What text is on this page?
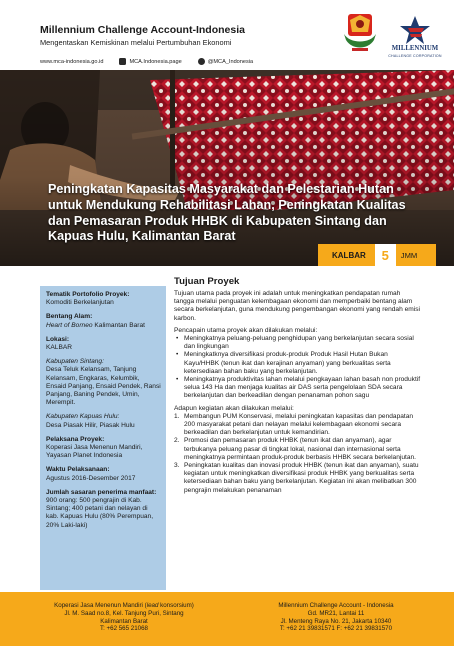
Millennium Challenge Account-Indonesia
Mengentaskan Kemiskinan melalui Pertumbuhan Ekonomi
www.mca-indonesia.go.id	MCA.Indonesia.page	@MCA_Indonesia
MILLENNIUM
CHALLENGE CORPORATION
Peningkatan Kapasitas Masyarakat dan Pelestarian Hutan untuk Mendukung Rehabilitasi Lahan, Peningkatan Kualitas dan Pemasaran Produk HHBK di Kabupaten Sintang dan Kapuas Hulu, Kalimantan Barat
KALBAR	5	JMM
Tematik Portofolio Proyek:
Komoditi Berkelanjutan
Bentang Alam:
Heart of Borneo Kalimantan Barat
Lokasi:
KALBAR
Kabupaten Sintang:
Desa Teluk Kelansam, Tanjung Kelansam, Engkaras, Kelumbik, Ensaid Panjang, Ensaid Pendek, Ransi Panjang, Baning Pendek, Umin, Merempit.
Kabupaten Kapuas Hulu:
Desa Piasak Hilir, Piasak Hulu
Pelaksana Proyek:
Koperasi Jasa Menenun Mandiri, Yayasan Planet Indonesia
Waktu Pelaksanaan:
Agustus 2016-Desember 2017
Jumlah sasaran penerima manfaat:
900 orang: 500 pengrajin di Kab. Sintang; 400 petani dan nelayan di kab. Kapuas Hulu (80% Perempuan, 20% Laki-laki)
Tujuan Proyek
Tujuan utama pada proyek ini adalah untuk meningkatkan pendapatan rumah tangga melalui penguatan kelembagaan ekonomi dan memperbaiki bentang alam secara berkelanjutan, guna mendukung pengembangan ekonomi yang rendah emisi karbon.
Pencapain utama proyek akan dilakukan melalui:
• Meningkatnya peluang-peluang penghidupan yang berkelanjutan secara sosial dan lingkungan
• Meningkatknya diversifikasi produk-produk Produk Hasil Hutan Bukan Kayu/HHBK (tenun ikat dan kerajinan anyaman) yang berkualitas serta ketersediaan bahan baku yang berkelanjutan.
• Meningkatnya produktivitas lahan melalui pengkayaan lahan basah non produktif selua 143 Ha dan menjaga kualitas air DAS serta pengelolaan SDA secara berkelanjutan dan berkeadilan dengan penanaman pohon sagu
Adapun kegiatan akan dilakukan melalui:
1. Membangun PUM Konservasi, melalui peningkatan kapasitas dan pendapatan 200 masyarakat petani dan nelayan melalui kelembagaan ekonomi secara berkeadilan dan berkelanjutan untuk kemandirian.
2. Promosi dan pemasaran produk HHBK (tenun ikat dan anyaman), agar terbukanya peluang pasar di tingkat lokal, nasional dan internasional serta meningkatnya permintaan produk-produk berbasis HHBK secara berkelanjutan.
3. Peningkatan kualitas dan inovasi produk HHBK (tenun ikat dan anyaman), suatu kegiatan untuk meningkatkan diversifikasi produk HHBK yang berkualitas serta ketersediaan bahan baku yang berkelanjutan. Kegiatan ini akan melibatkan 300 pengrajin melakukan penanaman
Koperasi Jasa Menenun Mandiri (lead konsorsium)
Jl. M. Saad no.8, Kel. Tanjung Puri, Sintang
Kalimantan Barat
T: +62 565 21068
Millennium Challenge Account - Indonesia
Gd. MR21, Lantai 11
Jl. Menteng Raya No. 21, Jakarta 10340
T: +62 21 39831571 F: +62 21 39831570
